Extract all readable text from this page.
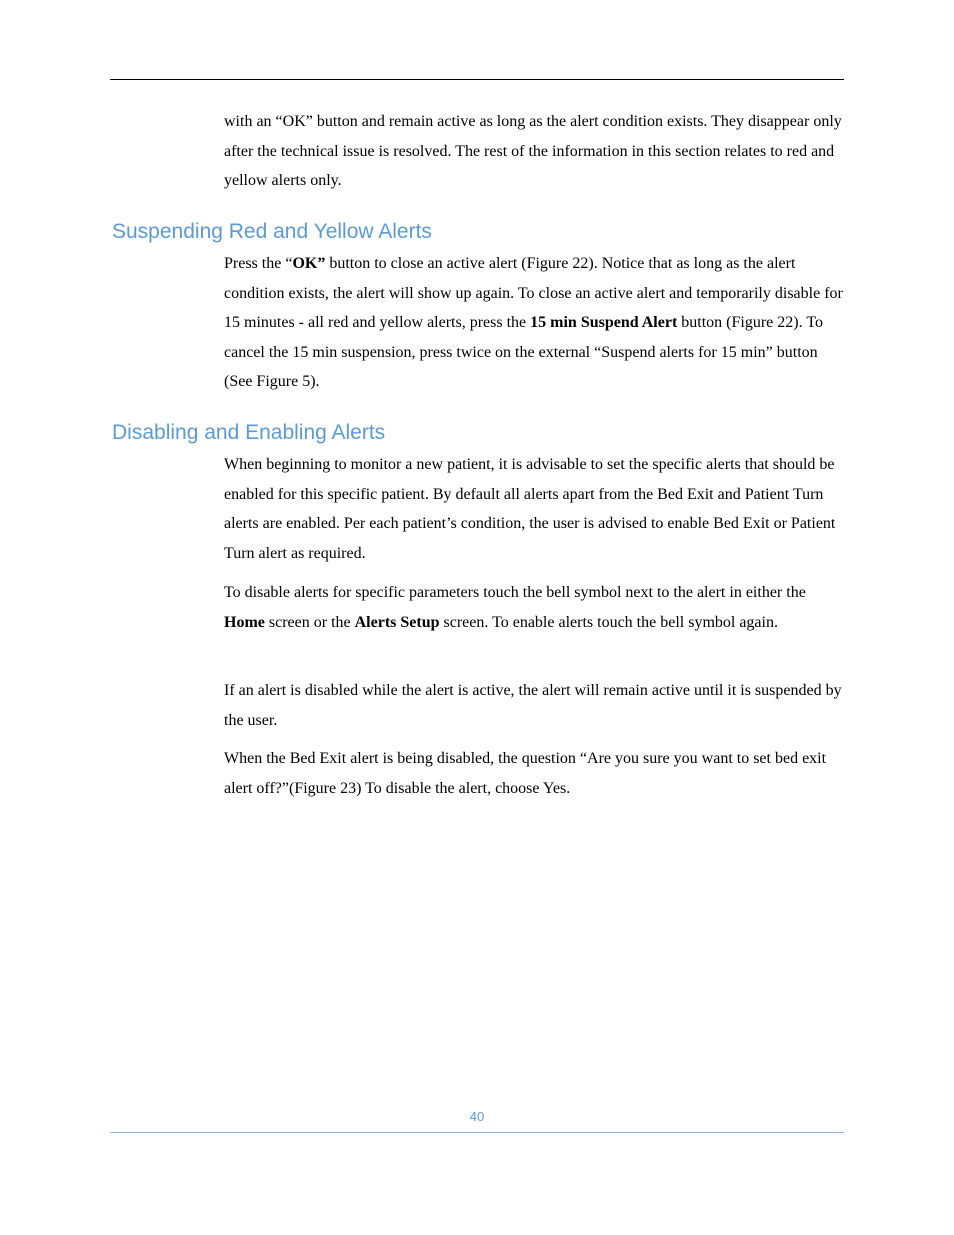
with an “OK” button and remain active as long as the alert condition exists. They disappear only after the technical issue is resolved. The rest of the information in this section relates to red and yellow alerts only.

Suspending Red and Yellow Alerts

Press the “OK” button to close an active alert (Figure 22). Notice that as long as the alert condition exists, the alert will show up again. To close an active alert and temporarily disable for 15 minutes - all red and yellow alerts, press the 15 min Suspend Alert button (Figure 22). To cancel the 15 min suspension, press twice on the external “Suspend alerts for 15 min” button (See Figure 5).

Disabling and Enabling Alerts

When beginning to monitor a new patient, it is advisable to set the specific alerts that should be enabled for this specific patient. By default all alerts apart from the Bed Exit and Patient Turn alerts are enabled. Per each patient’s condition, the user is advised to enable Bed Exit or Patient Turn alert as required.

To disable alerts for specific parameters touch the bell symbol next to the alert in either the Home screen or the Alerts Setup screen. To enable alerts touch the bell symbol again.

If an alert is disabled while the alert is active, the alert will remain active until it is suspended by the user.

When the Bed Exit alert is being disabled, the question “Are you sure you want to set bed exit alert off?”(Figure 23) To disable the alert, choose Yes.

40
